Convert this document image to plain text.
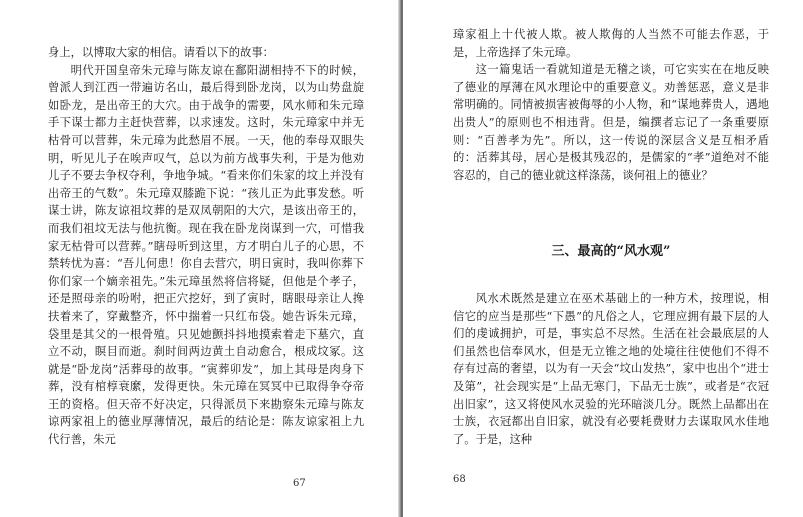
身上，以博取大家的相信。请看以下的故事：

明代开国皇帝朱元璋与陈友谅在鄱阳湖相持不下的时候，曾派人到江西一带遍访名山，最后得到卧龙岗，以为山势盘旋如卧龙，是出帝王的大穴。由于战争的需要，风水师和朱元璋手下谋士都力主赶快营葬，以求速发。这时，朱元璋家中并无枯骨可以营葬，朱元璋为此愁眉不展。一天，他的奉母双眼失明，听见儿子在唉声叹气，总以为前方战事失利，于是为他劝儿子不要去争权夺利，争地争城。“看来你们朱家的坟上并没有出帝王的气数”。朱元璋双膝跪下说：“孩儿正为此事发愁。听谋士讲，陈友谅祖坟葬的是双凤朝阳的大穴，是该出帝王的，而我们祖坟无法与他抗衡。现在我在卧龙岗谋到一穴，可惜我家无枯骨可以营葬。”瞎母听到这里，方才明白儿子的心思，不禁转忧为喜：“吾儿何患！你自去营穴，明日寅时，我叫你葬下你们家一个嫡亲祖先。”朱元璋虽然将信将疑，但他是个孝子，还是照母亲的吩咐，把正穴挖好，到了寅时，瞎眼母亲让人搀扶着来了，穿戴整齐，怀中揣着一只红布袋。她告诉朱元璋，袋里是其父的一根骨殖。只见她颤抖抖地摸索着走下墓穴，直立不动，瞑目而逝。刹时间两边黄土自动愈合，根成坟冢。这就是“卧龙岗”活葬母的故事。“寅葬卯发”，加上其母是肉身下葬，没有棺椁衰縻，发得更快。朱元璋在冥冥中已取得争夺帝王的资格。但天帝不好决定，只得派员下来勘察朱元璋与陈友谅两家祖上的德业厚薄情况，最后的结论是：陈友谅家祖上九代行善，朱元

67

璋家祖上十代被人欺。被人欺侮的人当然不可能去作恶，于是，上帝选择了朱元璋。

这一篇鬼话一看就知道是无稽之谈，可它实实在在地反映了德业的厚薄在风水理论中的重要意义。劝善惩恶，意义是非常明确的。同情被损害被侮辱的小人物，和“谋地葬贵人，遇地出贵人”的原则也不相违背。但是，编撰者忘记了一条重要原则：“百善孝为先”。所以，这一传说的深层含义是互相矛盾的：活葬其母，居心是极其残忍的，是儒家的“孝”道绝对不能容忍的，自己的德业就这样涤荡，谈何祖上的德业？

三、最高的“风水观”

风水术既然是建立在巫术基础上的一种方术，按理说，相信它的应当是那些“下愚”的凡俗之人，它理应拥有最下层的人们的虔诚拥护，可是，事实总不尽然。生活在社会最底层的人们虽然也信奉风水，但是无立锥之地的处境往往使他们不得不存有过高的奢望，以为有一天会“坟山发热”，家中也出个“进士及第”，社会现实是“上品无寒门，下品无士族”，或者是“衣冠出旧家”，这又将使风水灵验的光环暗淡几分。既然上品都出在士族，衣冠都出自旧家，就没有必要耗费财力去谋取风水佳地了。于是，这种

68
